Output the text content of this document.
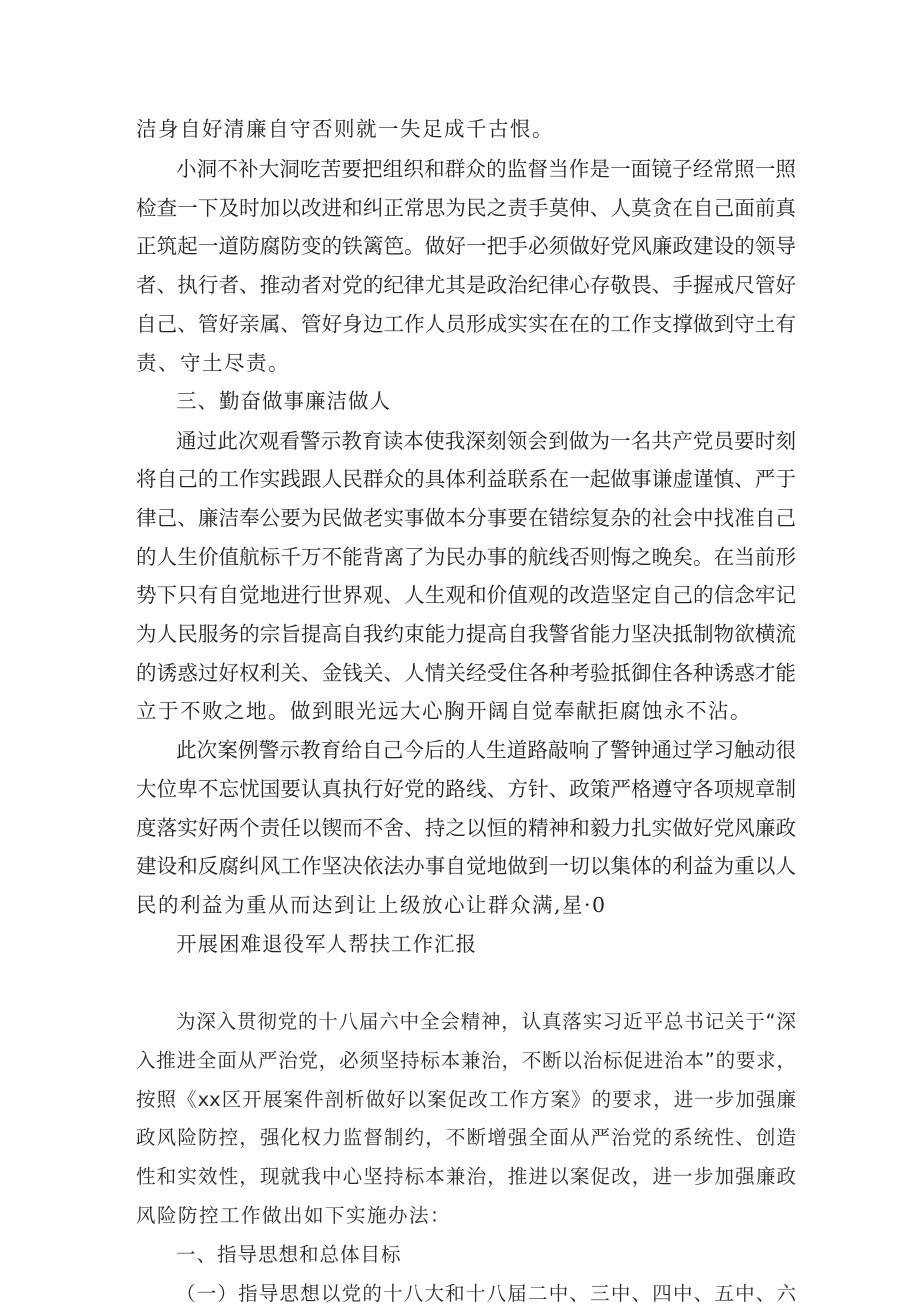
洁身自好清廉自守否则就一失足成千古恨。
小洞不补大洞吃苦要把组织和群众的监督当作是一面镜子经常照一照
检查一下及时加以改进和纠正常思为民之责手莫伸、人莫贪在自己面前真
正筑起一道防腐防变的铁篱笆。做好一把手必须做好党风廉政建设的领导
者、执行者、推动者对党的纪律尤其是政治纪律心存敬畏、手握戒尺管好
自己、管好亲属、管好身边工作人员形成实实在在的工作支撑做到守土有
责、守土尽责。
三、勤奋做事廉洁做人
通过此次观看警示教育读本使我深刻领会到做为一名共产党员要时刻
将自己的工作实践跟人民群众的具体利益联系在一起做事谦虚谨慎、严于
律己、廉洁奉公要为民做老实事做本分事要在错综复杂的社会中找准自己
的人生价值航标千万不能背离了为民办事的航线否则悔之晚矣。在当前形
势下只有自觉地进行世界观、人生观和价值观的改造坚定自己的信念牢记
为人民服务的宗旨提高自我约束能力提高自我警省能力坚决抵制物欲横流
的诱惑过好权利关、金钱关、人情关经受住各种考验抵御住各种诱惑才能
立于不败之地。做到眼光远大心胸开阔自觉奉献拒腐蚀永不沾。
此次案例警示教育给自己今后的人生道路敲响了警钟通过学习触动很
大位卑不忘忧国要认真执行好党的路线、方针、政策严格遵守各项规章制
度落实好两个责任以锲而不舍、持之以恒的精神和毅力扎实做好党风廉政
建设和反腐纠风工作坚决依法办事自觉地做到一切以集体的利益为重以人
民的利益为重从而达到让上级放心让群众满,星·0
开展困难退役军人帮扶工作汇报
为深入贯彻党的十八届六中全会精神，认真落实习近平总书记关于“深
入推进全面从严治党，必须坚持标本兼治，不断以治标促进治本”的要求，
按照《xx区开展案件剖析做好以案促改工作方案》的要求，进一步加强廉
政风险防控，强化权力监督制约，不断增强全面从严治党的系统性、创造
性和实效性，现就我中心坚持标本兼治，推进以案促改，进一步加强廉政
风险防控工作做出如下实施办法：
一、指导思想和总体目标
（一）指导思想以党的十八大和十八届二中、三中、四中、五中、六
